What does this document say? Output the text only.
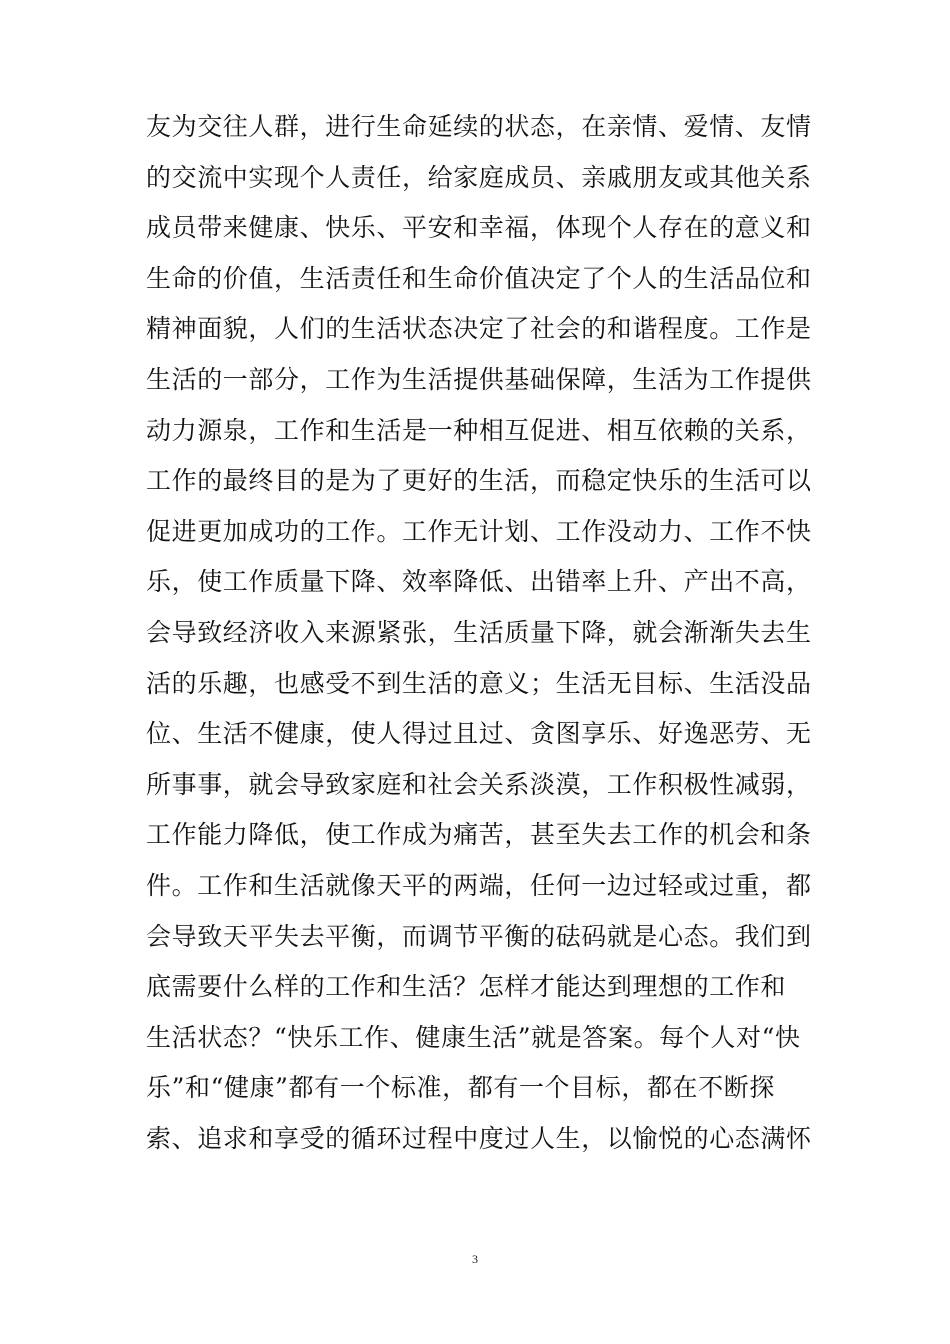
友为交往人群，进行生命延续的状态，在亲情、爱情、友情
的交流中实现个人责任，给家庭成员、亲戚朋友或其他关系
成员带来健康、快乐、平安和幸福，体现个人存在的意义和
生命的价值，生活责任和生命价值决定了个人的生活品位和
精神面貌，人们的生活状态决定了社会的和谐程度。工作是
生活的一部分，工作为生活提供基础保障，生活为工作提供
动力源泉，工作和生活是一种相互促进、相互依赖的关系，
工作的最终目的是为了更好的生活，而稳定快乐的生活可以
促进更加成功的工作。工作无计划、工作没动力、工作不快
乐，使工作质量下降、效率降低、出错率上升、产出不高，
会导致经济收入来源紧张，生活质量下降，就会渐渐失去生
活的乐趣，也感受不到生活的意义；生活无目标、生活没品
位、生活不健康，使人得过且过、贪图享乐、好逸恶劳、无
所事事，就会导致家庭和社会关系淡漠，工作积极性减弱，
工作能力降低，使工作成为痛苦，甚至失去工作的机会和条
件。工作和生活就像天平的两端，任何一边过轻或过重，都
会导致天平失去平衡，而调节平衡的砝码就是心态。我们到
底需要什么样的工作和生活？怎样才能达到理想的工作和
生活状态？“快乐工作、健康生活”就是答案。每个人对“快
乐”和“健康”都有一个标准，都有一个目标，都在不断探
索、追求和享受的循环过程中度过人生，以愉悦的心态满怀
3
